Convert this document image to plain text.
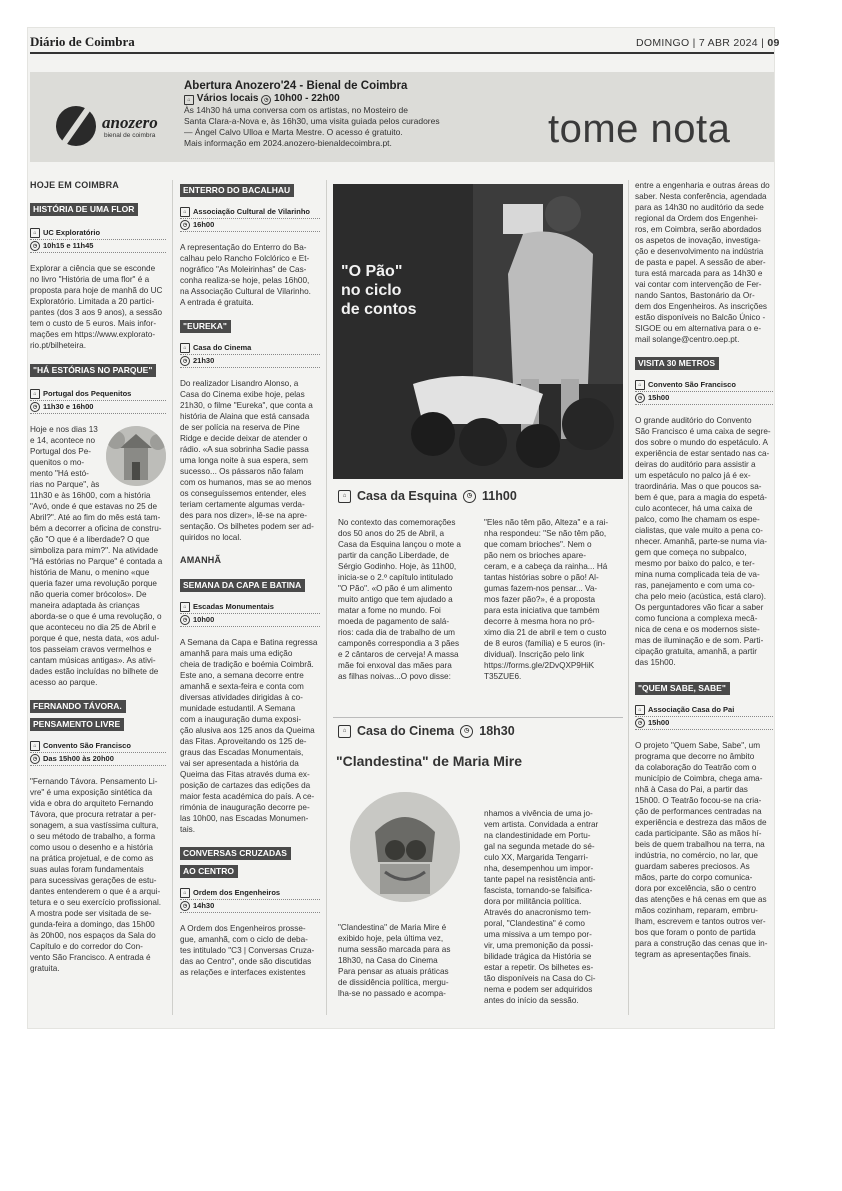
Diário de Coimbra	DOMINGO | 7 ABR 2024 | 09
anozero
bienal de coimbra
Abertura Anozero'24 - Bienal de Coimbra
⌂ Vários locais ◷ 10h00 - 22h00
Às 14h30 há uma conversa com os artistas, no Mosteiro de
Santa Clara-a-Nova e, às 16h30, uma visita guiada pelos curadores
— Ángel Calvo Ulloa e Marta Mestre. O acesso é gratuito.
Mais informação em 2024.anozero-bienaldecoimbra.pt.	tome nota
HOJE EM COIMBRA
HISTÓRIA DE UMA FLOR
⌂ UC Exploratório
◷ 10h15 e 11h45
Explorar a ciência que se esconde
no livro "História de uma flor" é a
proposta para hoje de manhã do UC
Exploratório. Limitada a 20 partici-
pantes (dos 3 aos 9 anos), a sessão
tem o custo de 5 euros. Mais infor-
mações em https://www.explorato-
rio.pt/bilheteira.
"HÁ ESTÓRIAS NO PARQUE"
⌂ Portugal dos Pequenitos
◷ 11h30 e 16h00
Hoje e nos dias 13
e 14, acontece no
Portugal dos Pe-
quenitos o mo-
mento "Há estó-
rias no Parque", às
11h30 e às 16h00, com a história
"Avó, onde é que estavas no 25 de
Abril?". Até ao fim do mês está tam-
bém a decorrer a oficina de constru-
ção "O que é a liberdade? O que
simboliza para mim?". Na atividade
"Há estórias no Parque" é contada a
história de Manu, o menino «que
queria fazer uma revolução porque
não queria comer brócolos». De
maneira adaptada às crianças
aborda-se o que é uma revolução, o
que aconteceu no dia 25 de Abril e
porque é que, nesta data, «os adul-
tos passeiam cravos vermelhos e
cantam músicas antigas». As ativi-
dades estão incluídas no bilhete de
acesso ao parque.
FERNANDO TÁVORA.
PENSAMENTO LIVRE
⌂ Convento São Francisco
◷ Das 15h00 às 20h00
"Fernando Távora. Pensamento Li-
vre" é uma exposição sintética da
vida e obra do arquiteto Fernando
Távora, que procura retratar a per-
sonagem, a sua vastíssima cultura,
o seu método de trabalho, a forma
como usou o desenho e a história
na prática projetual, e de como as
suas aulas foram fundamentais
para sucessivas gerações de estu-
dantes entenderem o que é a arqui-
tetura e o seu exercício profissional.
A mostra pode ser visitada de se-
gunda-feira a domingo, das 15h00
às 20h00, nos espaços da Sala do
Capítulo e do corredor do Con-
vento São Francisco. A entrada é
gratuita.
ENTERRO DO BACALHAU
⌂ Associação Cultural de Vilarinho
◷ 16h00
A representação do Enterro do Ba-
calhau pelo Rancho Folclórico e Et-
nográfico "As Moleirinhas" de Cas-
conha realiza-se hoje, pelas 16h00,
na Associação Cultural de Vilarinho.
A entrada é gratuita.
"EUREKA"
⌂ Casa do Cinema
◷ 21h30
Do realizador Lisandro Alonso, a
Casa do Cinema exibe hoje, pelas
21h30, o filme "Eureka", que conta a
história de Alaina que está cansada
de ser polícia na reserva de Pine
Ridge e decide deixar de atender o
rádio. «A sua sobrinha Sadie passa
uma longa noite à sua espera, sem
sucesso... Os pássaros não falam
com os humanos, mas se ao menos
os conseguíssemos entender, eles
teriam certamente algumas verda-
des para nos dizer», lê-se na apre-
sentação. Os bilhetes podem ser ad-
quiridos no local.
AMANHÃ
SEMANA DA CAPA E BATINA
⌂ Escadas Monumentais
◷ 10h00
A Semana da Capa e Batina regressa
amanhã para mais uma edição
cheia de tradição e boémia Coimbrã.
Este ano, a semana decorre entre
amanhã e sexta-feira e conta com
diversas atividades dirigidas à co-
munidade estudantil. A Semana
com a inauguração duma exposi-
ção alusiva aos 125 anos da Queima
das Fitas. Aproveitando os 125 de-
graus das Escadas Monumentais,
vai ser apresentada a história da
Queima das Fitas através duma ex-
posição de cartazes das edições da
maior festa académica do país. A ce-
rimónia de inauguração decorre pe-
las 10h00, nas Escadas Monumen-
tais.
CONVERSAS CRUZADAS
AO CENTRO
⌂ Ordem dos Engenheiros
◷ 14h30
A Ordem dos Engenheiros prosse-
gue, amanhã, com o ciclo de deba-
tes intitulado "C3 | Conversas Cruza-
das ao Centro", onde são discutidas
as relações e interfaces existentes
"O Pão"
no ciclo
de contos
⌂ Casa da Esquina	◷ 11h00
No contexto das comemorações
dos 50 anos do 25 de Abril, a
Casa da Esquina lançou o mote a
partir da canção Liberdade, de
Sérgio Godinho. Hoje, às 11h00,
inicia-se o 2.º capítulo intitulado
"O Pão". «O pão é um alimento
muito antigo que tem ajudado a
matar a fome no mundo. Foi
moeda de pagamento de salá-
rios: cada dia de trabalho de um
camponês correspondia a 3 pães
e 2 cântaros de cerveja! A massa
mãe foi enxoval das mães para
as filhas noivas...O povo disse:
"Eles não têm pão, Alteza" e a rai-
nha respondeu: "Se não têm pão,
que comam brioches". Nem o
pão nem os brioches apare-
ceram, e a cabeça da rainha... Há
tantas histórias sobre o pão! Al-
gumas fazem-nos pensar... Va-
mos fazer pão?», é a proposta
para esta iniciativa que também
decorre à mesma hora no pró-
ximo dia 21 de abril e tem o custo
de 8 euros (família) e 5 euros (in-
dividual). Inscrição pelo link
https://forms.gle/2DvQXP9HiK
T35ZUE6.
⌂ Casa do Cinema	◷ 18h30
"Clandestina" de Maria Mire
"Clandestina" de Maria Mire é
exibido hoje, pela última vez,
numa sessão marcada para as
18h30, na Casa do Cinema
Para pensar as atuais práticas
de dissidência política, mergu-
lha-se no passado e acompa-
nhamos a vivência de uma jo-
vem artista. Convidada a entrar
na clandestinidade em Portu-
gal na segunda metade do sé-
culo XX, Margarida Tengarri-
nha, desempenhou um impor-
tante papel na resistência anti-
fascista, tornando-se falsifica-
dora por militância política.
Através do anacronismo tem-
poral, "Clandestina" é como
uma missiva a um tempo por-
vir, uma premonição da possi-
bilidade trágica da História se
estar a repetir. Os bilhetes es-
tão disponíveis na Casa do Ci-
nema e podem ser adquiridos
antes do início da sessão.
entre a engenharia e outras áreas do
saber. Nesta conferência, agendada
para as 14h30 no auditório da sede
regional da Ordem dos Engenhei-
ros, em Coimbra, serão abordados
os aspetos de inovação, investiga-
ção e desenvolvimento na indústria
de pasta e papel. A sessão de aber-
tura está marcada para as 14h30 e
vai contar com intervenção de Fer-
nando Santos, Bastonário da Or-
dem dos Engenheiros. As inscrições
estão disponíveis no Balcão Único -
SIGOE ou em alternativa para o e-
mail solange@centro.oep.pt.
VISITA 30 METROS
⌂ Convento São Francisco
◷ 15h00
O grande auditório do Convento
São Francisco é uma caixa de segre-
dos sobre o mundo do espetáculo. A
experiência de estar sentado nas ca-
deiras do auditório para assistir a
um espetáculo no palco já é ex-
traordinária. Mas o que poucos sa-
bem é que, para a magia do espetá-
culo acontecer, há uma caixa de
palco, como lhe chamam os espe-
cialistas, que vale muito a pena co-
nhecer. Amanhã, parte-se numa via-
gem que começa no subpalco,
mesmo por baixo do palco, e ter-
mina numa complicada teia de va-
ras, panejamento e com uma co-
cha pelo meio (acústica, está claro).
Os perguntadores vão ficar a saber
como funciona a complexa mecâ-
nica de cena e os modernos siste-
mas de iluminação e de som. Parti-
cipação gratuita, amanhã, a partir
das 15h00.
"QUEM SABE, SABE"
⌂ Associação Casa do Pai
◷ 15h00
O projeto "Quem Sabe, Sabe", um
programa que decorre no âmbito
da colaboração do Teatrão com o
município de Coimbra, chega ama-
nhã à Casa do Pai, a partir das
15h00. O Teatrão focou-se na cria-
ção de performances centradas na
experiência e destreza das mãos de
cada participante. São as mãos hí-
beis de quem trabalhou na terra, na
indústria, no comércio, no lar, que
guardam saberes preciosos. As
mãos, parte do corpo comunica-
dora por excelência, são o centro
das atenções e há cenas em que as
mãos cozinham, reparam, embru-
lham, escrevem e tantos outros ver-
bos que foram o ponto de partida
para a construção das cenas que in-
tegram as apresentações finais.
